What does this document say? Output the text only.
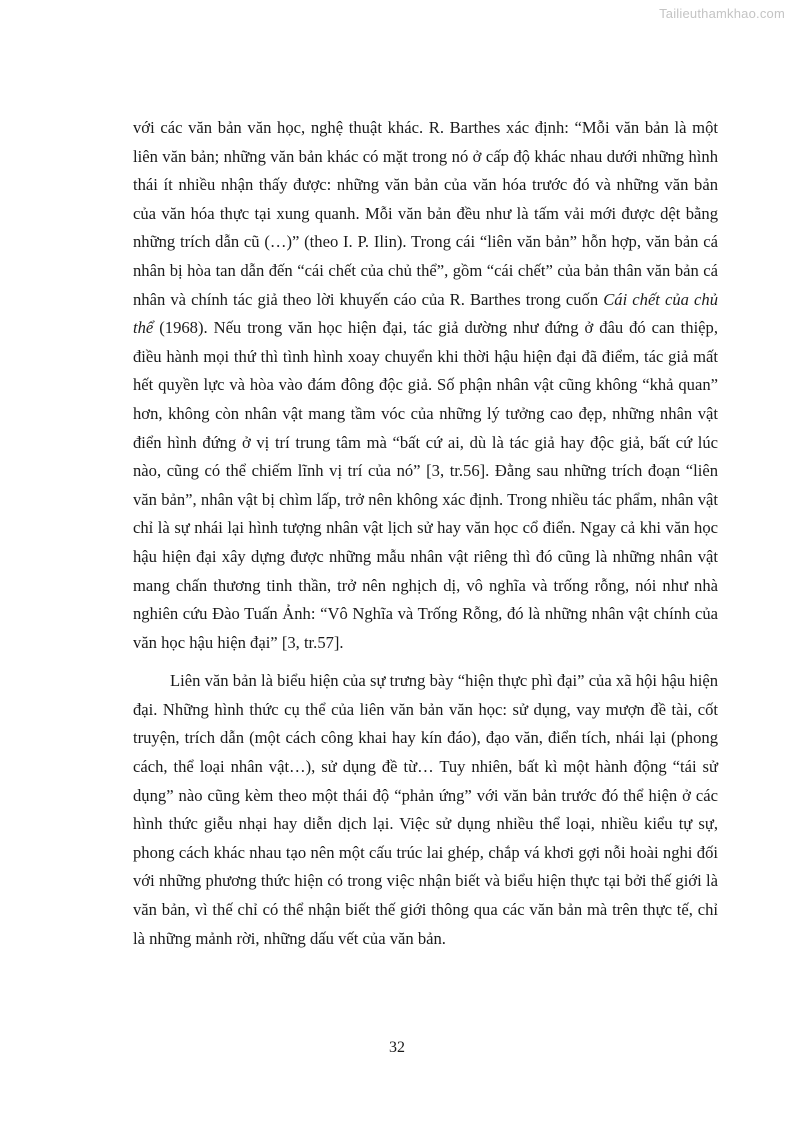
Tailieuthamkhao.com

với các văn bản văn học, nghệ thuật khác. R. Barthes xác định: “Mỗi văn bản là một liên văn bản; những văn bản khác có mặt trong nó ở cấp độ khác nhau dưới những hình thái ít nhiều nhận thấy được: những văn bản của văn hóa trước đó và những văn bản của văn hóa thực tại xung quanh. Mỗi văn bản đều như là tấm vải mới được dệt bằng những trích dẫn cũ (…)” (theo I. P. Ilin). Trong cái “liên văn bản” hỗn hợp, văn bản cá nhân bị hòa tan dẫn đến “cái chết của chủ thể”, gồm “cái chết” của bản thân văn bản cá nhân và chính tác giả theo lời khuyến cáo của R. Barthes trong cuốn Cái chết của chủ thể (1968). Nếu trong văn học hiện đại, tác giả dường như đứng ở đâu đó can thiệp, điều hành mọi thứ thì tình hình xoay chuyển khi thời hậu hiện đại đã điểm, tác giả mất hết quyền lực và hòa vào đám đông độc giả. Số phận nhân vật cũng không “khả quan” hơn, không còn nhân vật mang tầm vóc của những lý tưởng cao đẹp, những nhân vật điển hình đứng ở vị trí trung tâm mà “bất cứ ai, dù là tác giả hay độc giả, bất cứ lúc nào, cũng có thể chiếm lĩnh vị trí của nó” [3, tr.56]. Đằng sau những trích đoạn “liên văn bản”, nhân vật bị chìm lấp, trở nên không xác định. Trong nhiều tác phẩm, nhân vật chỉ là sự nhái lại hình tượng nhân vật lịch sử hay văn học cổ điển. Ngay cả khi văn học hậu hiện đại xây dựng được những mẫu nhân vật riêng thì đó cũng là những nhân vật mang chấn thương tinh thần, trở nên nghịch dị, vô nghĩa và trống rỗng, nói như nhà nghiên cứu Đào Tuấn Ảnh: “Vô Nghĩa và Trống Rỗng, đó là những nhân vật chính của văn học hậu hiện đại” [3, tr.57].

Liên văn bản là biểu hiện của sự trưng bày “hiện thực phì đại” của xã hội hậu hiện đại. Những hình thức cụ thể của liên văn bản văn học: sử dụng, vay mượn đề tài, cốt truyện, trích dẫn (một cách công khai hay kín đáo), đạo văn, điển tích, nhái lại (phong cách, thể loại nhân vật…), sử dụng đề từ… Tuy nhiên, bất kì một hành động “tái sử dụng” nào cũng kèm theo một thái độ “phản ứng” với văn bản trước đó thể hiện ở các hình thức giễu nhại hay diễn dịch lại. Việc sử dụng nhiều thể loại, nhiều kiểu tự sự, phong cách khác nhau tạo nên một cấu trúc lai ghép, chắp vá khơi gợi nỗi hoài nghi đối với những phương thức hiện có trong việc nhận biết và biểu hiện thực tại bởi thế giới là văn bản, vì thế chỉ có thể nhận biết thế giới thông qua các văn bản mà trên thực tế, chỉ là những mảnh rời, những dấu vết của văn bản.

32
